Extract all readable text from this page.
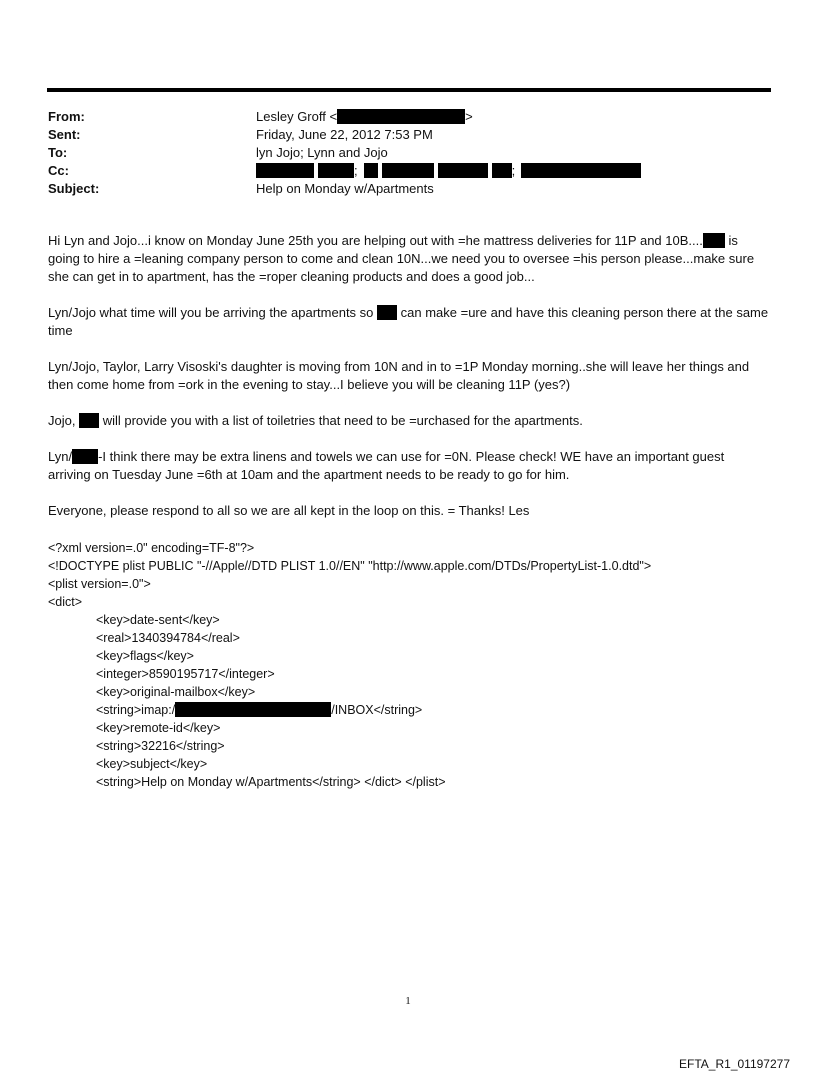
From:	Lesley Groff <	>
Sent:	Friday, June 22, 2012 7:53 PM
To:	lyn Jojo; Lynn and Jojo
Cc:	;	;
Subject:	Help on Monday w/Apartments

Hi Lyn and Jojo...i know on Monday June 25th you are helping out with =he mattress deliveries for 11P and 10B.... is going to hire a =leaning company person to come and clean 10N...we need you to oversee =his person please...make sure she can get in to apartment, has the =roper cleaning products and does a good job...

Lyn/Jojo what time will you be arriving the apartments so  can make =ure and have this cleaning person there at the same time

Lyn/Jojo, Taylor, Larry Visoski's daughter is moving from 10N and in to =1P Monday morning..she will leave her things and then come home from =ork in the evening to stay...I believe you will be cleaning 11P (yes?)

Jojo,  will provide you with a list of toiletries that need to be =urchased for the apartments.

Lyn/ -I think there may be extra linens and towels we can use for =0N. Please check! WE have an important guest arriving on Tuesday June =6th at 10am and the apartment needs to be ready to go for him.

Everyone, please respond to all so we are all kept in the loop on this. = Thanks! Les

<?xml version=.0" encoding=TF-8"?>
<!DOCTYPE plist PUBLIC "-//Apple//DTD PLIST 1.0//EN" "http://www.apple.com/DTDs/PropertyList-1.0.dtd">
<plist version=.0">
<dict>
<key>date-sent</key>
<real>1340394784</real>
<key>flags</key>
<integer>8590195717</integer>
<key>original-mailbox</key>
<string>imap:/	/INBOX</string>
<key>remote-id</key>
<string>32216</string>
<key>subject</key>
<string>Help on Monday w/Apartments</string> </dict> </plist>
1
EFTA_R1_01197277
